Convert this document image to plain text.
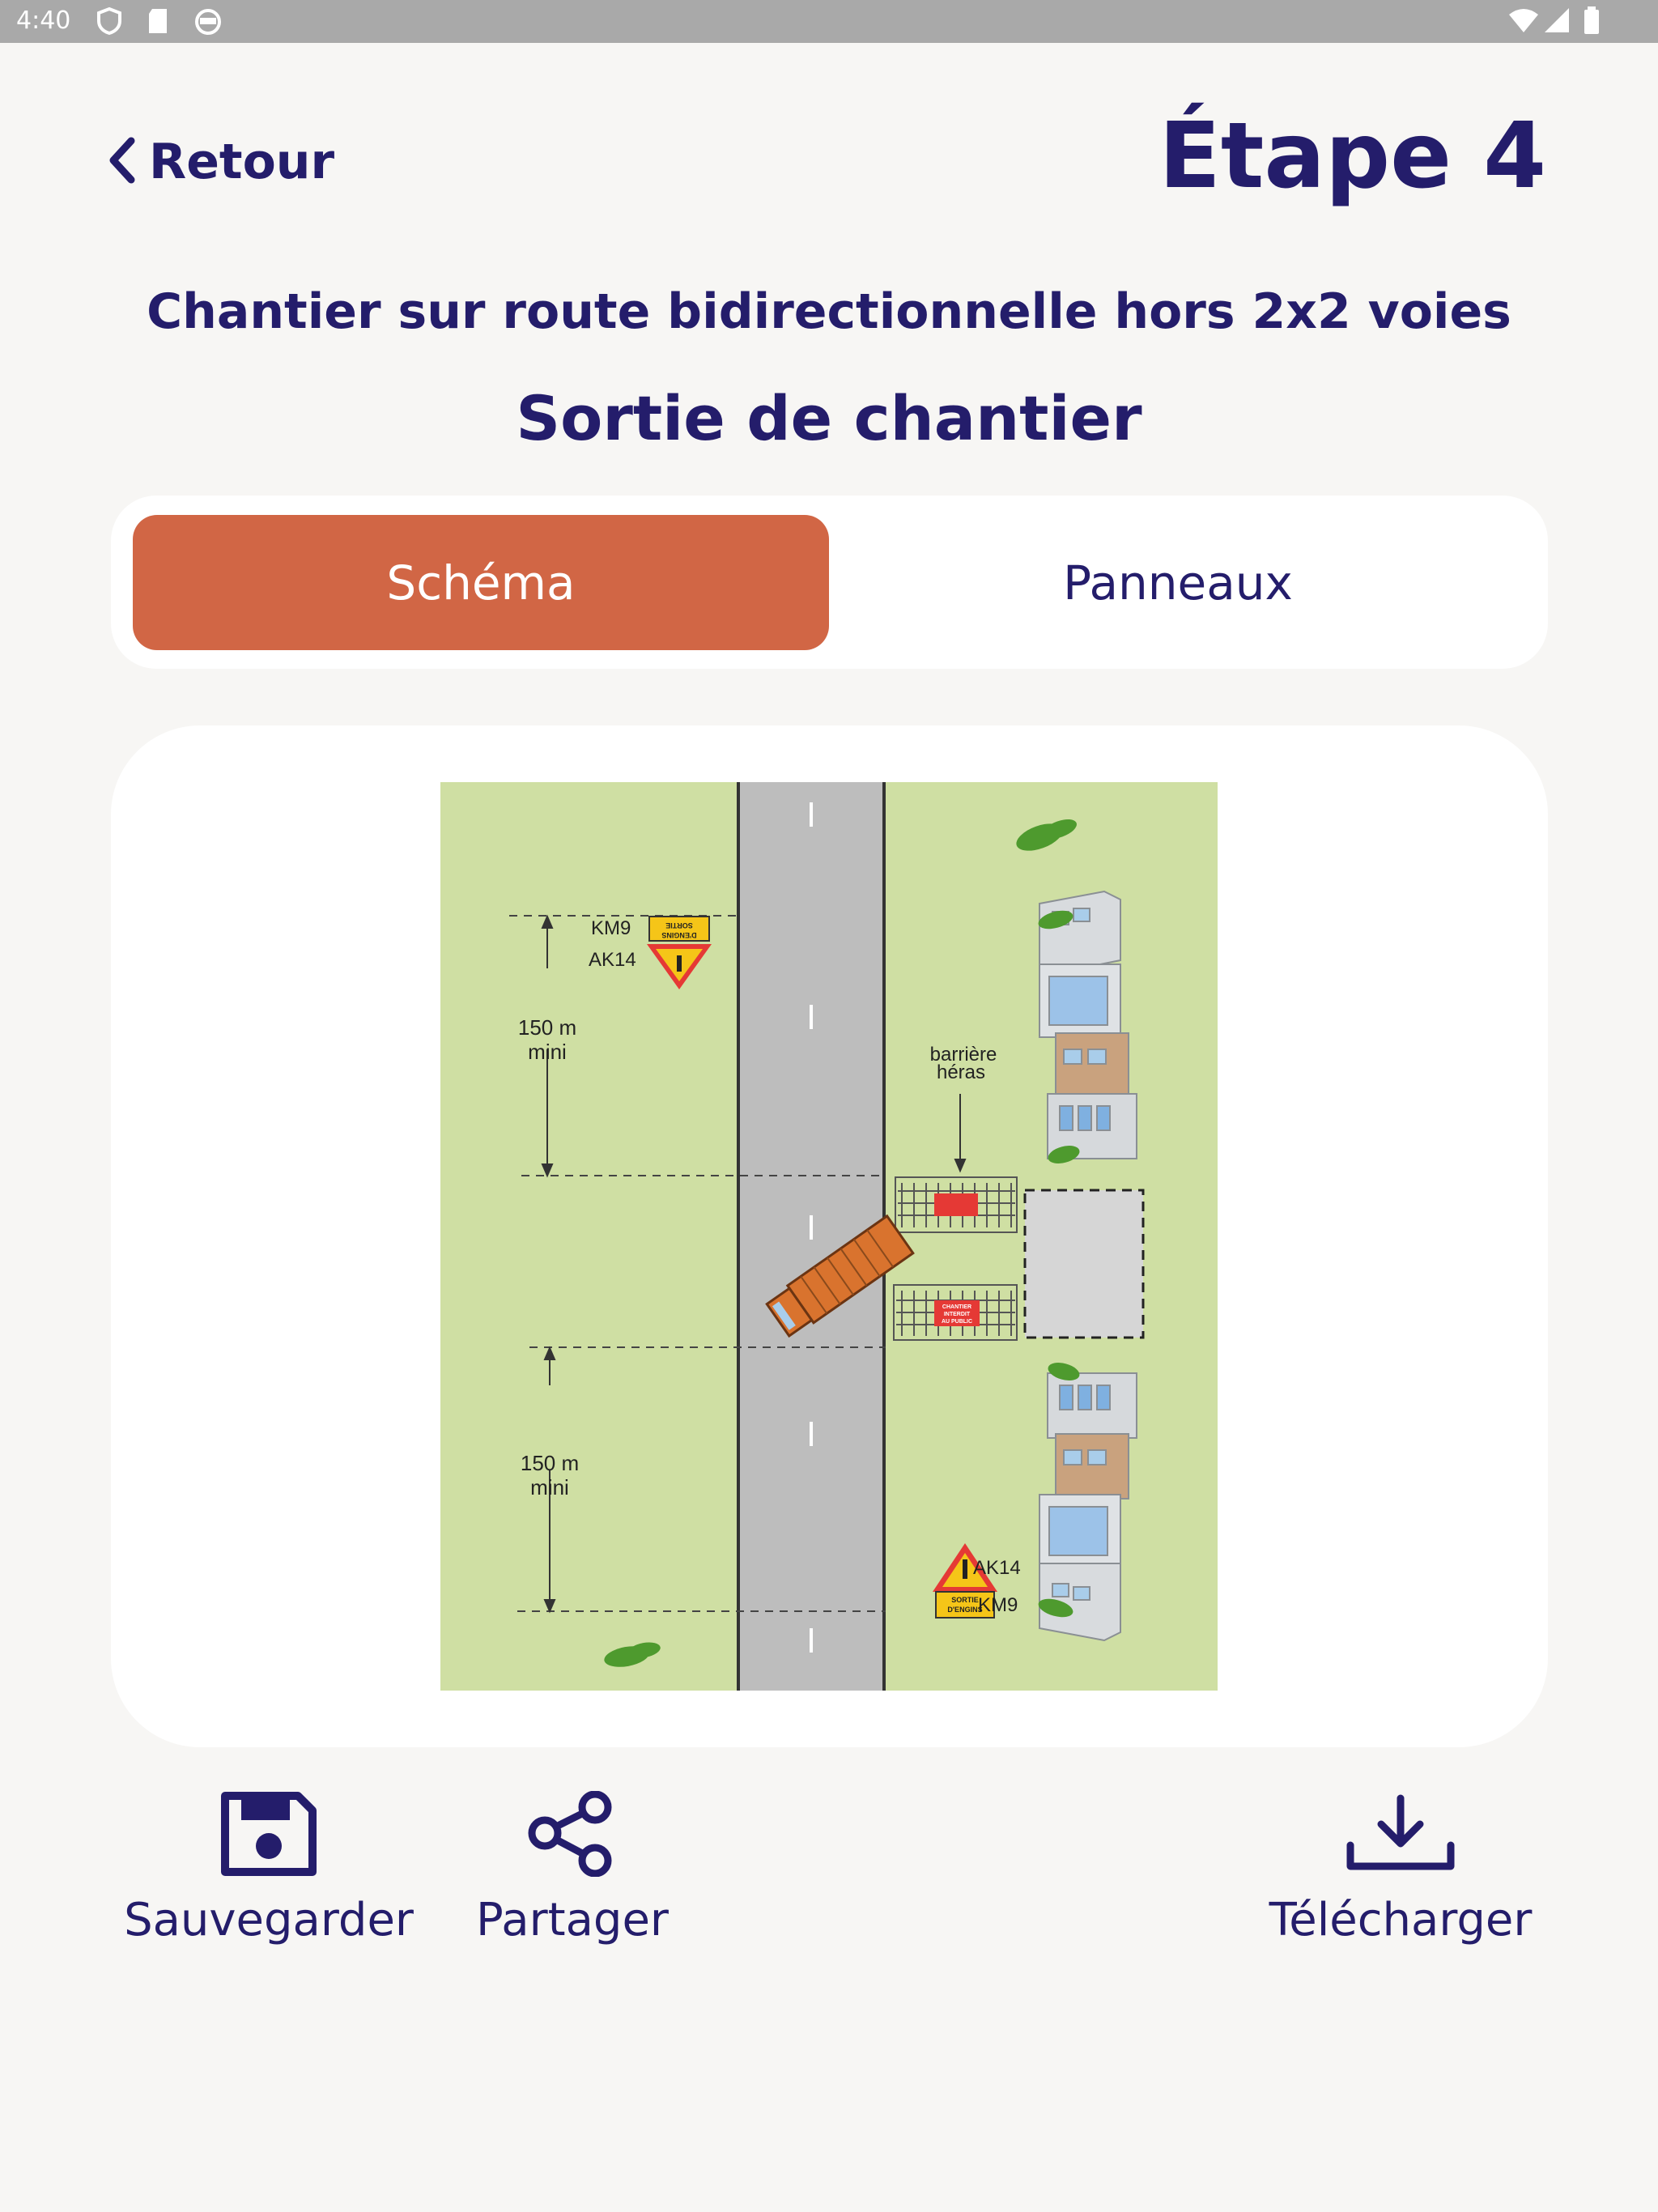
4:40
Retour	Étape 4
Chantier sur route bidirectionnelle hors 2x2 voies
Sortie de chantier
Schéma	Panneaux
150 m
mini
150 m
mini
SORTIE
D'ENGINS
KM9
AK14
barrière
héras
CHANTIER
INTERDIT
AU PUBLIC
SORTIE
D'ENGINS
AK14
KM9
Sauvegarder Partager	Télécharger
